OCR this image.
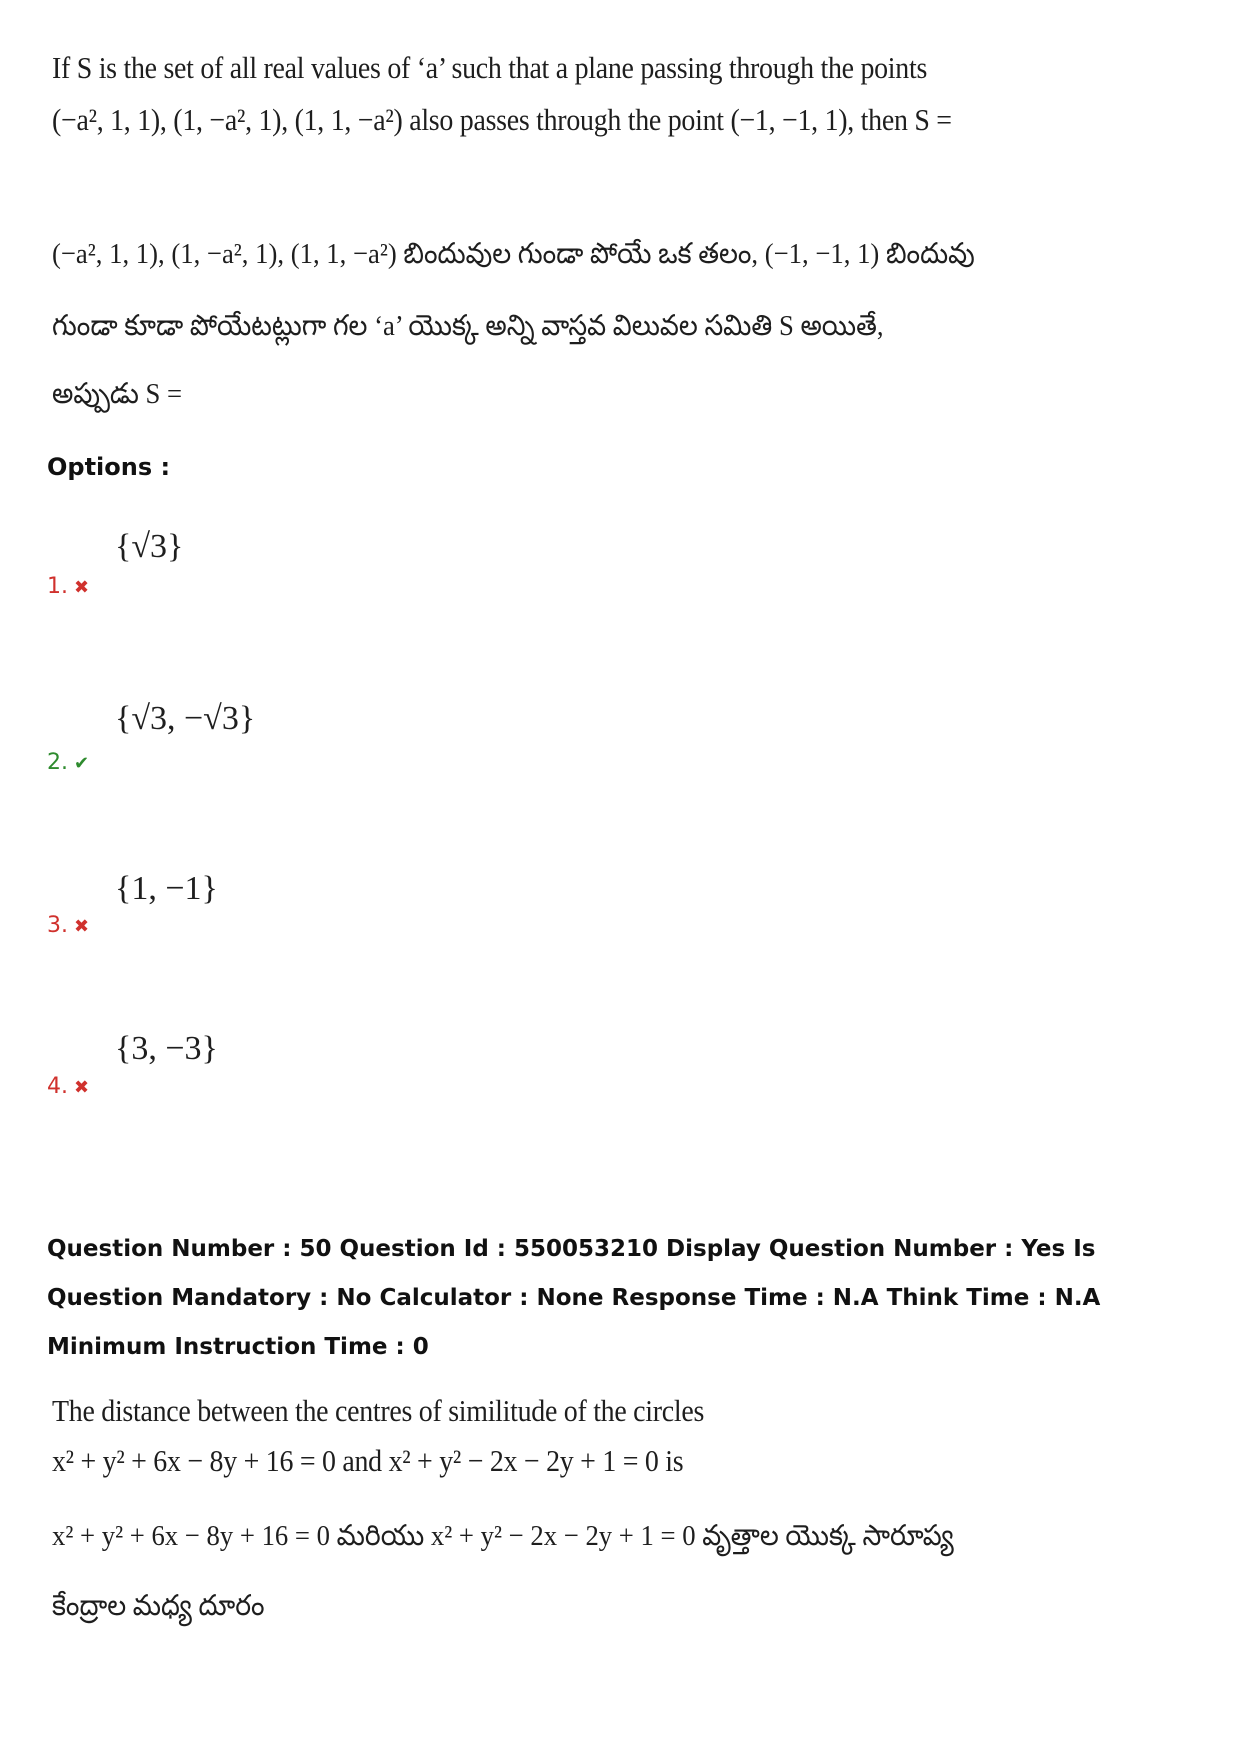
If S is the set of all real values of ‘a’ such that a plane passing through the points
(−a², 1, 1), (1, −a², 1), (1, 1, −a²) also passes through the point (−1, −1, 1), then S =
(−a², 1, 1), (1, −a², 1), (1, 1, −a²) బిందువుల గుండా పోయే ఒక తలం, (−1, −1, 1) బిందువు
గుండా కూడా పోయేటట్లుగా గల ‘a’ యొక్క అన్ని వాస్తవ విలువల సమితి S అయితే,
అప్పుడు S =
Options :
{√3}
1. ✖
{√3, −√3}
2. ✔
{1, −1}
3. ✖
{3, −3}
4. ✖
Question Number : 50 Question Id : 550053210 Display Question Number : Yes Is Question Mandatory : No Calculator : None Response Time : N.A Think Time : N.A Minimum Instruction Time : 0
The distance between the centres of similitude of the circles
x² + y² + 6x − 8y + 16 = 0 and x² + y² − 2x − 2y + 1 = 0 is
x² + y² + 6x − 8y + 16 = 0 మరియు x² + y² − 2x − 2y + 1 = 0 వృత్తాల యొక్క సారూప్య
కేంద్రాల మధ్య దూరం
